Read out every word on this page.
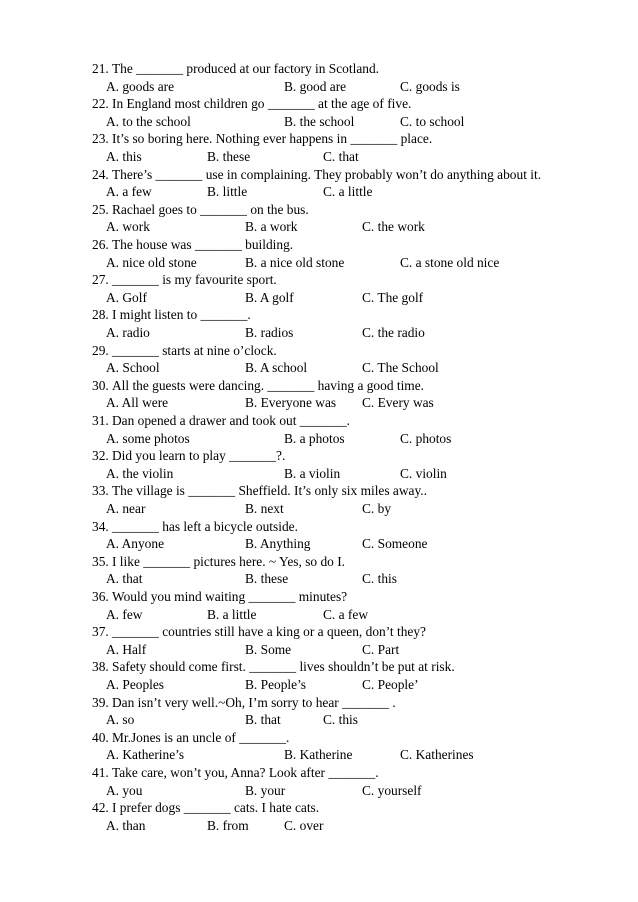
21. The _______ produced at our factory in Scotland.
A. goods are	B. good are	C. goods is
22. In England most children go _______ at the age of five.
A. to the school	B. the school	C. to school
23. It’s so boring here. Nothing ever happens in _______ place.
A. this	B. these	C. that
24. There’s _______ use in complaining. They probably won’t do anything about it.
A. a few	B. little	C. a little
25. Rachael goes to _______ on the bus.
A. work	B. a work	C. the work
26. The house was _______ building.
A. nice old stone	B. a nice old stone	C. a stone old nice
27. _______ is my favourite sport.
A. Golf	B. A golf	C. The golf
28. I might listen to _______.
A. radio	B. radios	C. the radio
29. _______ starts at nine o’clock.
A. School	B. A school	C. The School
30. All the guests were dancing. _______ having a good time.
A. All were	B. Everyone was C. Every was
31. Dan opened a drawer and took out _______.
A. some photos	B. a photos	C. photos
32. Did you learn to play _______?.
A. the violin	B. a violin	C. violin
33. The village is _______ Sheffield. It’s only six miles away..
A. near	B. next	C. by
34. _______ has left a bicycle outside.
A. Anyone	B. Anything	C. Someone
35. I like _______ pictures here. ~ Yes, so do I.
A. that	B. these	C. this
36. Would you mind waiting _______ minutes?
A. few	B. a little	C. a few
37. _______ countries still have a king or a queen, don’t they?
A. Half	B. Some	C. Part
38. Safety should come first. _______ lives shouldn’t be put at risk.
A. Peoples	B. People’s	C. People’
39. Dan isn’t very well.~Oh, I’m sorry to hear _______ .
A. so	B. that	C. this
40. Mr.Jones is an uncle of _______.
A. Katherine’s	B. Katherine	C. Katherines
41. Take care, won’t you, Anna? Look after _______.
A. you	B. your	C. yourself
42. I prefer dogs _______ cats. I hate cats.
A. than	B. from	C. over
